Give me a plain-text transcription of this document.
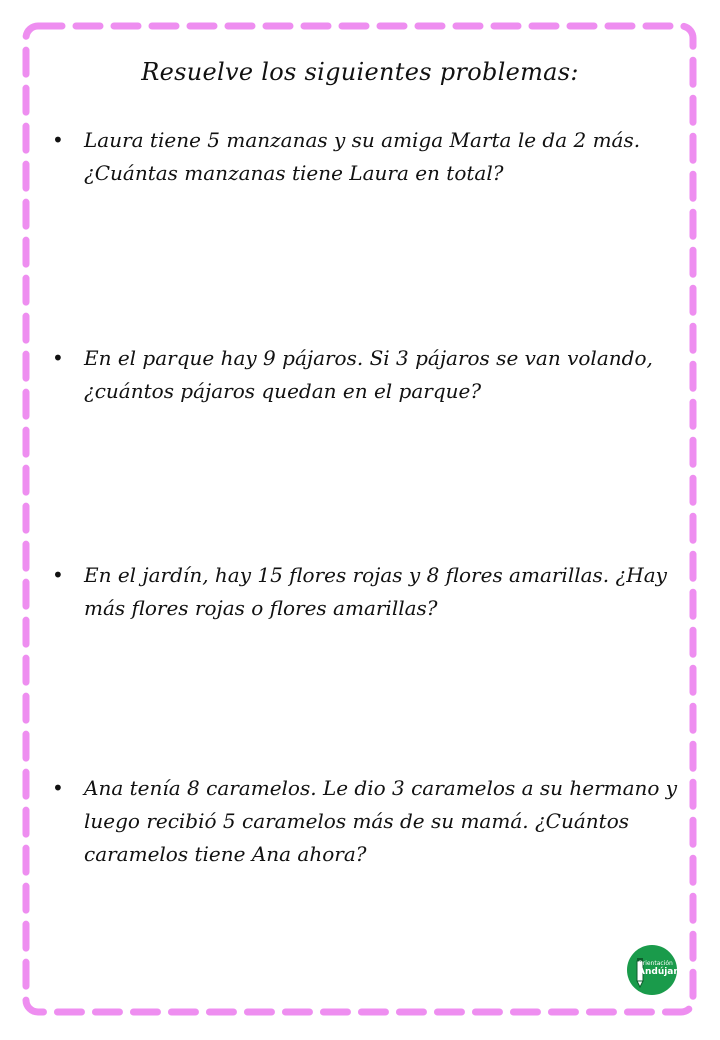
Resuelve los siguientes problemas:
•	Laura tiene 5 manzanas y su amiga Marta le da 2 más. ¿Cuántas manzanas tiene Laura en total?
•	En el parque hay 9 pájaros. Si 3 pájaros se van volando, ¿cuántos pájaros quedan en el parque?
•	En el jardín, hay 15 flores rojas y 8 flores amarillas. ¿Hay más flores rojas o flores amarillas?
•	Ana tenía 8 caramelos. Le dio 3 caramelos a su hermano y luego recibió 5 caramelos más de su mamá. ¿Cuántos caramelos tiene Ana ahora?
Orientación
Andújar
